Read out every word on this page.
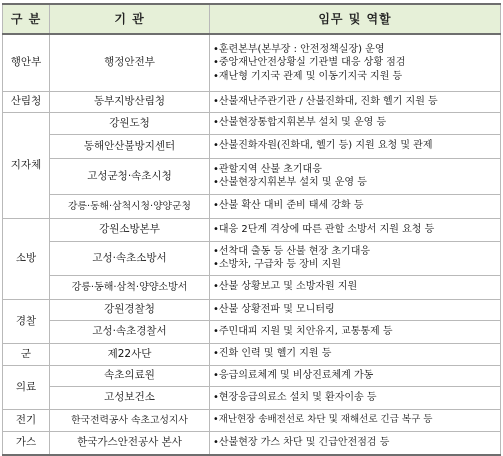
구 분	기 관	임무 및 역할
행안부	행정안전부	•훈련본부(본부장 : 안전정책실장) 운영
•중앙재난안전상황실 기관별 대응 상황 점검
•재난형 기지국 관제 및 이동기지국 지원 등

산림청	동부지방산림청	•산불재난주관기관 / 산불진화대, 진화 헬기 지원 등

지자체	강원도청	•산불현장통합지휘본부 설치 및 운영 등

	동해안산불방지센터	•산불진화자원(진화대, 헬기 등) 지원 요청 및 관제

	고성군청·속초시청	•관할지역 산불 초기대응
•산불현장지휘본부 설치 및 운영 등

	강릉·동해·삼척시청·양양군청	•산불 확산 대비 준비 태세 강화 등

소방	강원소방본부	•대응 2단계 격상에 따른 관할 소방서 지원 요청 등

	고성·속초소방서	•선착대 출동 등 산불 현장 초기대응
•소방차, 구급차 등 장비 지원

	강릉·동해·삼척·양양소방서	•산불 상황보고 및 소방자원 지원

경찰	강원경찰청	•산불 상황전파 및 모니터링

	고성·속초경찰서	•주민대피 지원 및 치안유지, 교통통제 등

군	제22사단	•진화 인력 및 헬기 지원 등

의료	속초의료원	•응급의료체계 및 비상진료체계 가동

	고성보건소	•현장응급의료소 설치 및 환자이송 등

전기	한국전력공사 속초고성지사	•재난현장 송배전선로 차단 및 재해선로 긴급 복구 등

가스	한국가스안전공사 본사	•산불현장 가스 차단 및 긴급안전점검 등
